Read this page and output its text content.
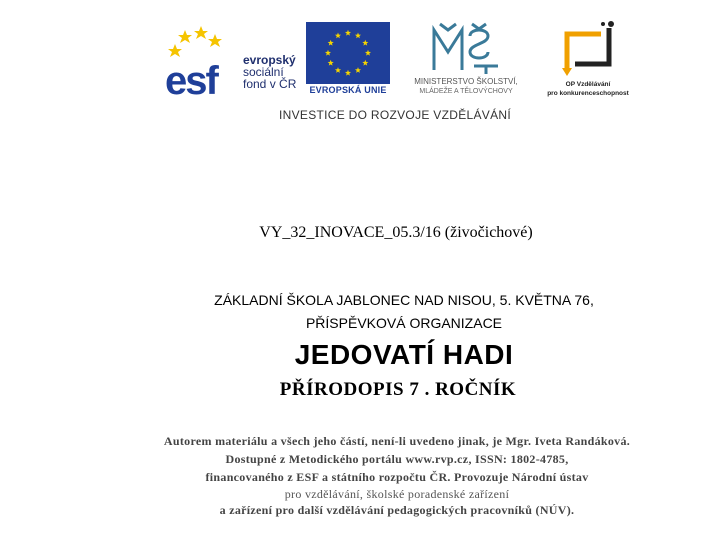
esf evropský
sociální
fond v ČR	EVROPSKÁ UNIE
MINISTERSTVO ŠKOLSTVÍ,
MLÁDEŽE A TĚLOVÝCHOVY
OP Vzdělávání
pro konkurenceschopnost
INVESTICE DO ROZVOJE VZDĚLÁVÁNÍ
VY_32_INOVACE_05.3/16 (živočichové)
ZÁKLADNÍ ŠKOLA JABLONEC NAD NISOU, 5. KVĚTNA 76,
PŘÍSPĚVKOVÁ ORGANIZACE
JEDOVATÍ HADI
PŘÍRODOPIS 7 . ROČNÍK
Autorem materiálu a všech jeho částí, není-li uvedeno jinak, je Mgr. Iveta Randáková.
Dostupné z Metodického portálu www.rvp.cz, ISSN: 1802-4785,
financovaného z ESF a státního rozpočtu ČR. Provozuje Národní ústav
pro vzdělávání, školské poradenské zařízení
a zařízení pro další vzdělávání pedagogických pracovníků (NÚV).
